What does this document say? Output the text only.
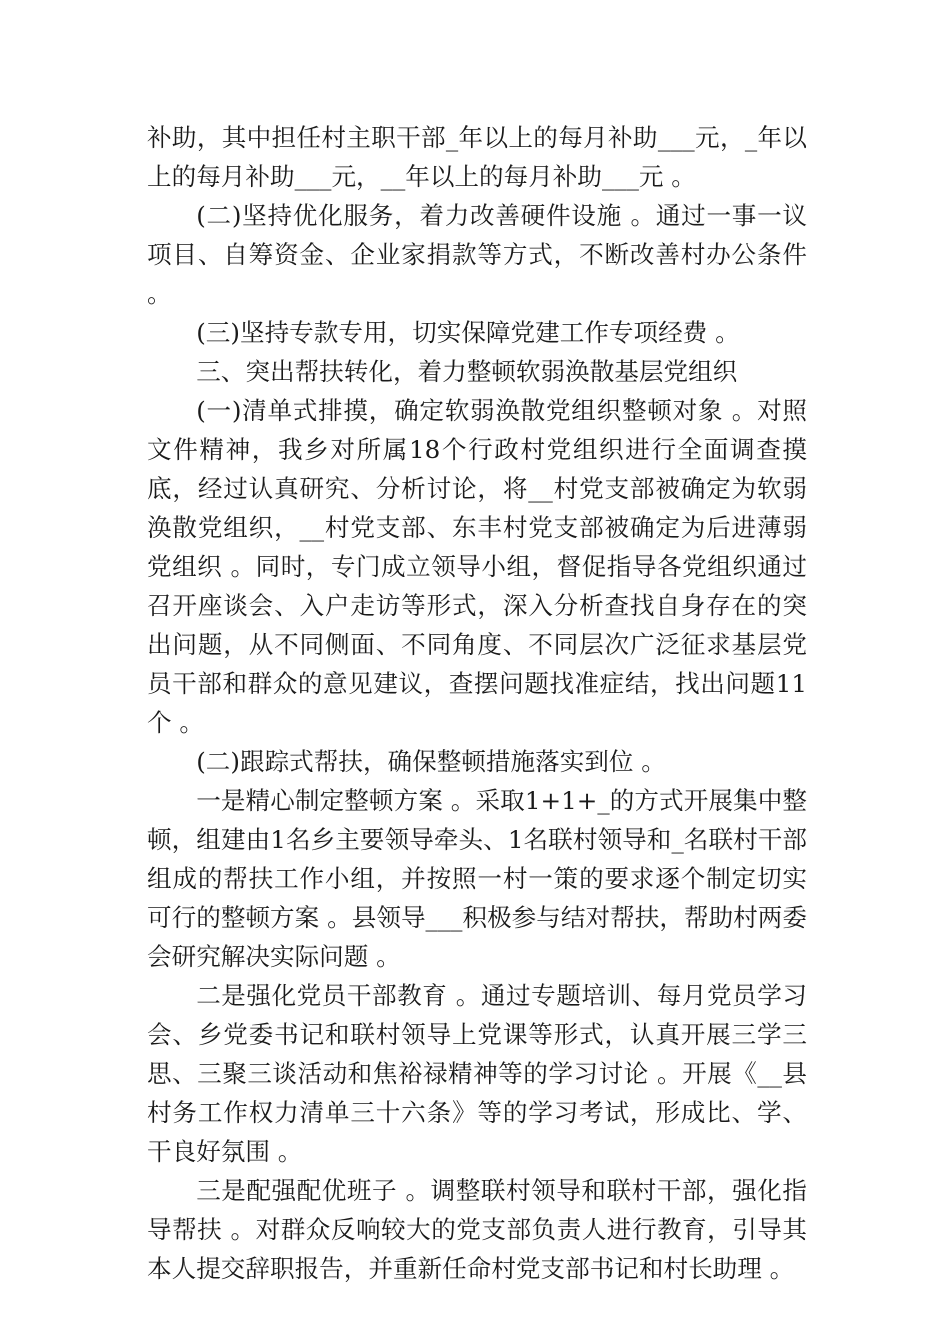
补助，其中担任村主职干部_年以上的每月补助___元，_年以上的每月补助___元，__年以上的每月补助___元 。

(二)坚持优化服务，着力改善硬件设施 。通过一事一议项目、自筹资金、企业家捐款等方式，不断改善村办公条件 。

(三)坚持专款专用，切实保障党建工作专项经费 。

三、突出帮扶转化，着力整顿软弱涣散基层党组织

(一)清单式排摸，确定软弱涣散党组织整顿对象 。对照文件精神，我乡对所属18个行政村党组织进行全面调查摸底，经过认真研究、分析讨论，将__村党支部被确定为软弱涣散党组织，__村党支部、东丰村党支部被确定为后进薄弱党组织 。同时，专门成立领导小组，督促指导各党组织通过召开座谈会、入户走访等形式，深入分析查找自身存在的突出问题，从不同侧面、不同角度、不同层次广泛征求基层党员干部和群众的意见建议，查摆问题找准症结，找出问题11个 。

(二)跟踪式帮扶，确保整顿措施落实到位 。

一是精心制定整顿方案 。采取1+1+_的方式开展集中整顿，组建由1名乡主要领导牵头、1名联村领导和_名联村干部组成的帮扶工作小组，并按照一村一策的要求逐个制定切实可行的整顿方案 。县领导___积极参与结对帮扶，帮助村两委会研究解决实际问题 。

二是强化党员干部教育 。通过专题培训、每月党员学习会、乡党委书记和联村领导上党课等形式，认真开展三学三思、三聚三谈活动和焦裕禄精神等的学习讨论 。开展《__县村务工作权力清单三十六条》等的学习考试，形成比、学、干良好氛围 。

三是配强配优班子 。调整联村领导和联村干部，强化指导帮扶 。对群众反响较大的党支部负责人进行教育，引导其本人提交辞职报告，并重新任命村党支部书记和村长助理 。
